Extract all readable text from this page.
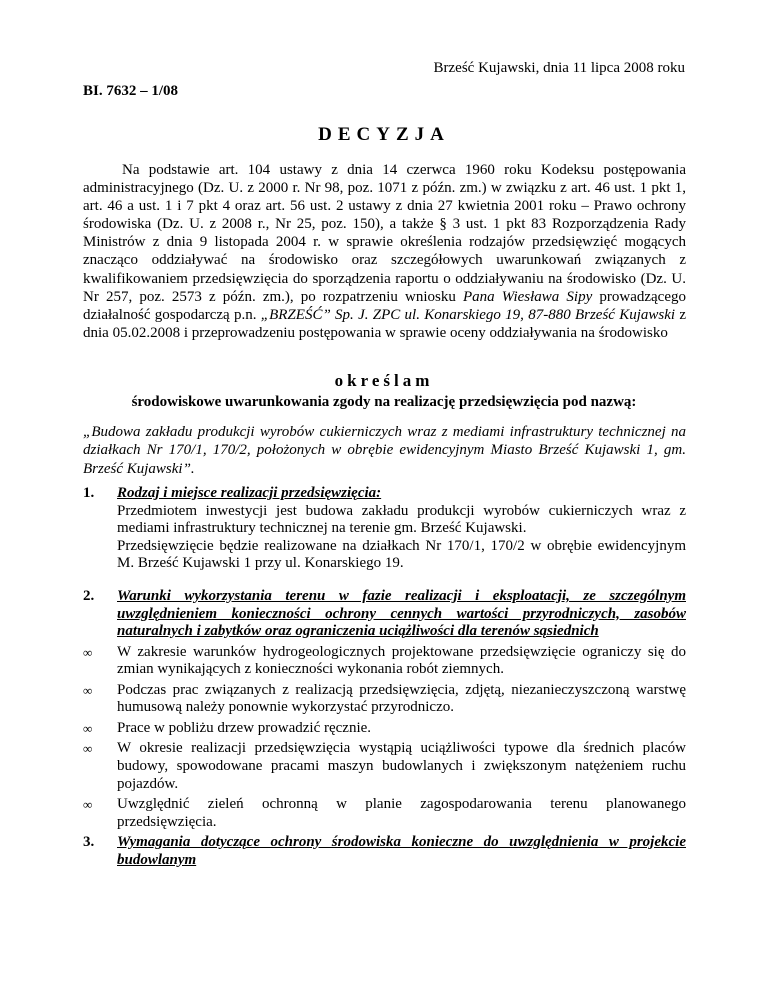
Brześć Kujawski, dnia 11 lipca 2008 roku
BI. 7632 – 1/08
DECYZJA
Na podstawie art. 104 ustawy z dnia 14 czerwca 1960 roku Kodeksu postępowania administracyjnego (Dz. U. z 2000 r. Nr 98, poz. 1071 z późn. zm.) w związku z art. 46 ust. 1 pkt 1, art. 46 a ust. 1 i 7 pkt 4 oraz art. 56 ust. 2 ustawy z dnia 27 kwietnia 2001 roku – Prawo ochrony środowiska (Dz. U. z 2008 r., Nr 25, poz. 150), a także § 3 ust. 1 pkt 83 Rozporządzenia Rady Ministrów z dnia 9 listopada 2004 r. w sprawie określenia rodzajów przedsięwzięć mogących znacząco oddziaływać na środowisko oraz szczegółowych uwarunkowań związanych z kwalifikowaniem przedsięwzięcia do sporządzenia raportu o oddziaływaniu na środowisko (Dz. U. Nr 257, poz. 2573 z późn. zm.), po rozpatrzeniu wniosku Pana Wiesława Sipy prowadzącego działalność gospodarczą p.n. „BRZEŚĆ” Sp. J. ZPC ul. Konarskiego 19, 87-880 Brześć Kujawski z dnia 05.02.2008 i przeprowadzeniu postępowania w sprawie oceny oddziaływania na środowisko
określam
środowiskowe uwarunkowania zgody na realizację przedsięwzięcia pod nazwą:
„Budowa zakładu produkcji wyrobów cukierniczych wraz z mediami infrastruktury technicznej na działkach Nr 170/1, 170/2, położonych w obrębie ewidencyjnym Miasto Brześć Kujawski 1, gm. Brześć Kujawski”.
1.	Rodzaj i miejsce realizacji przedsięwzięcia:

Przedmiotem inwestycji jest budowa zakładu produkcji wyrobów cukierniczych wraz z mediami infrastruktury technicznej na terenie gm. Brześć Kujawski.

Przedsięwzięcie będzie realizowane na działkach Nr 170/1, 170/2 w obrębie ewidencyjnym M. Brześć Kujawski 1 przy ul. Konarskiego 19.

2.	Warunki wykorzystania terenu w fazie realizacji i eksploatacji, ze szczególnym uwzględnieniem konieczności ochrony cennych wartości przyrodniczych, zasobów naturalnych i zabytków oraz ograniczenia uciążliwości dla terenów sąsiednich
∞	W zakresie warunków hydrogeologicznych projektowane przedsięwzięcie ograniczy się do zmian wynikających z konieczności wykonania robót ziemnych.
∞	Podczas prac związanych z realizacją przedsięwzięcia, zdjętą, niezanieczyszczoną warstwę humusową należy ponownie wykorzystać przyrodniczo.
∞	Prace w pobliżu drzew prowadzić ręcznie.
∞	W okresie realizacji przedsięwzięcia wystąpią uciążliwości typowe dla średnich placów budowy, spowodowane pracami maszyn budowlanych i zwiększonym natężeniem ruchu pojazdów.
∞	Uwzględnić zieleń ochronną w planie zagospodarowania terenu planowanego przedsięwzięcia.
3.	Wymagania dotyczące ochrony środowiska konieczne do uwzględnienia w projekcie budowlanym
